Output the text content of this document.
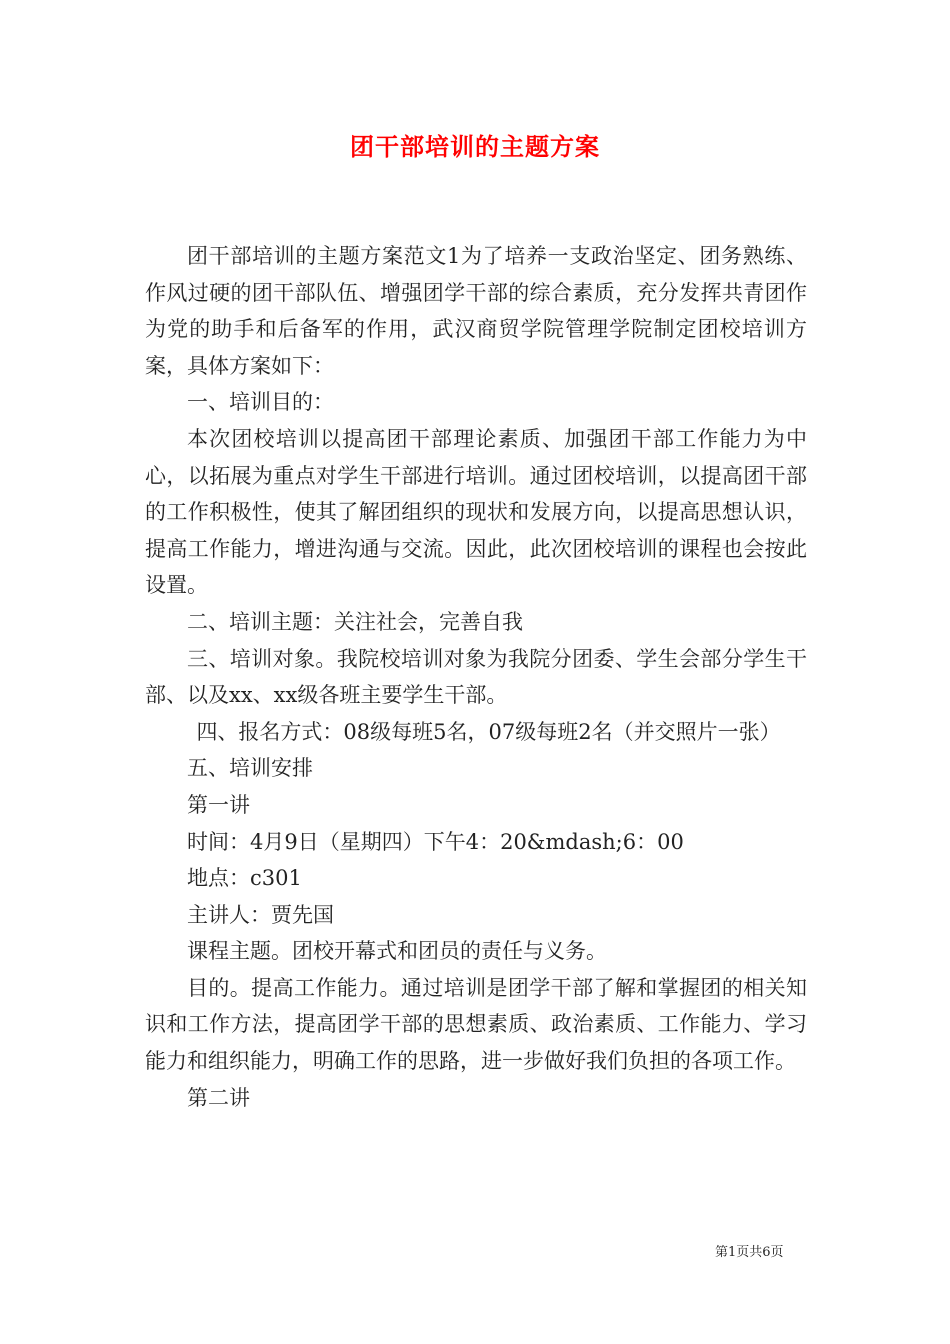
团干部培训的主题方案

团干部培训的主题方案范文1为了培养一支政治坚定、团务熟练、作风过硬的团干部队伍、增强团学干部的综合素质，充分发挥共青团作为党的助手和后备军的作用，武汉商贸学院管理学院制定团校培训方案，具体方案如下：

一、培训目的：

本次团校培训以提高团干部理论素质、加强团干部工作能力为中心，以拓展为重点对学生干部进行培训。通过团校培训，以提高团干部的工作积极性，使其了解团组织的现状和发展方向，以提高思想认识，提高工作能力，增进沟通与交流。因此，此次团校培训的课程也会按此设置。

二、培训主题：关注社会，完善自我

三、培训对象。我院校培训对象为我院分团委、学生会部分学生干部、以及xx、xx级各班主要学生干部。

四、报名方式：08级每班5名，07级每班2名（并交照片一张）

五、培训安排

第一讲

时间：4月9日（星期四）下午4：20&mdash;6：00

地点：c301

主讲人：贾先国

课程主题。团校开幕式和团员的责任与义务。

目的。提高工作能力。通过培训是团学干部了解和掌握团的相关知识和工作方法，提高团学干部的思想素质、政治素质、工作能力、学习能力和组织能力，明确工作的思路，进一步做好我们负担的各项工作。

第二讲

第1页共6页
